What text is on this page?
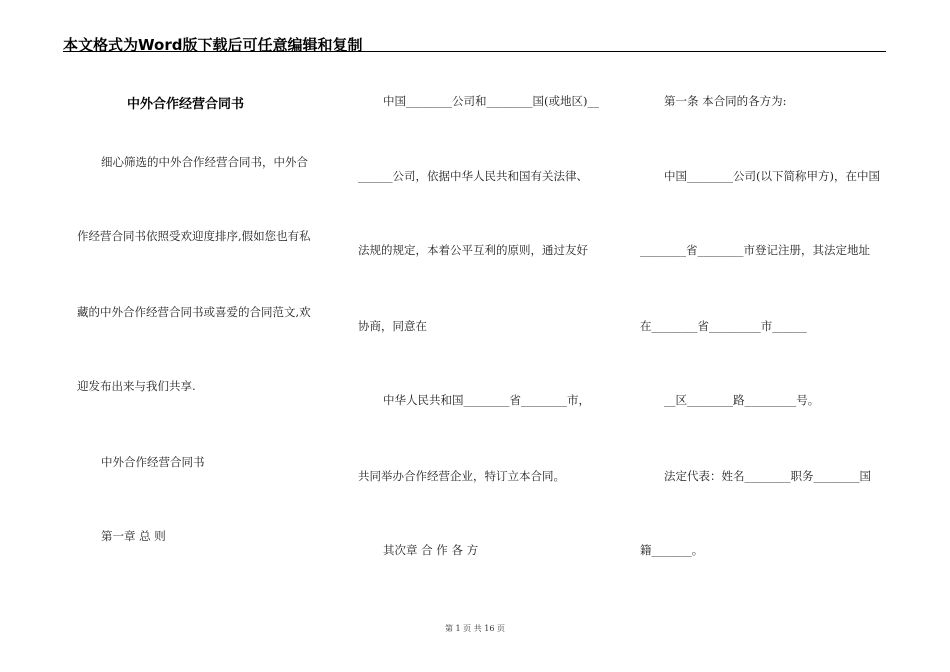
本文格式为Word版下载后可任意编辑和复制
中外合作经营合同书
细心筛选的中外合作经营合同书，中外合
作经营合同书依照受欢迎度排序,假如您也有私
藏的中外合作经营合同书或喜爱的合同范文,欢
迎发布出来与我们共享.
中外合作经营合同书
第一章 总 则
中国________公司和________国(或地区)__
______公司，依据中华人民共和国有关法律、
法规的规定，本着公平互利的原则，通过友好
协商，同意在
中华人民共和国________省________市，
共同举办合作经营企业，特订立本合同。
其次章 合 作 各 方
第一条 本合同的各方为:
中国________公司(以下简称甲方)，在中国
________省________市登记注册，其法定地址
在________省_________市______
__区________路_________号。
法定代表：姓名________职务________国
籍_______。
第 1 页 共 16 页
